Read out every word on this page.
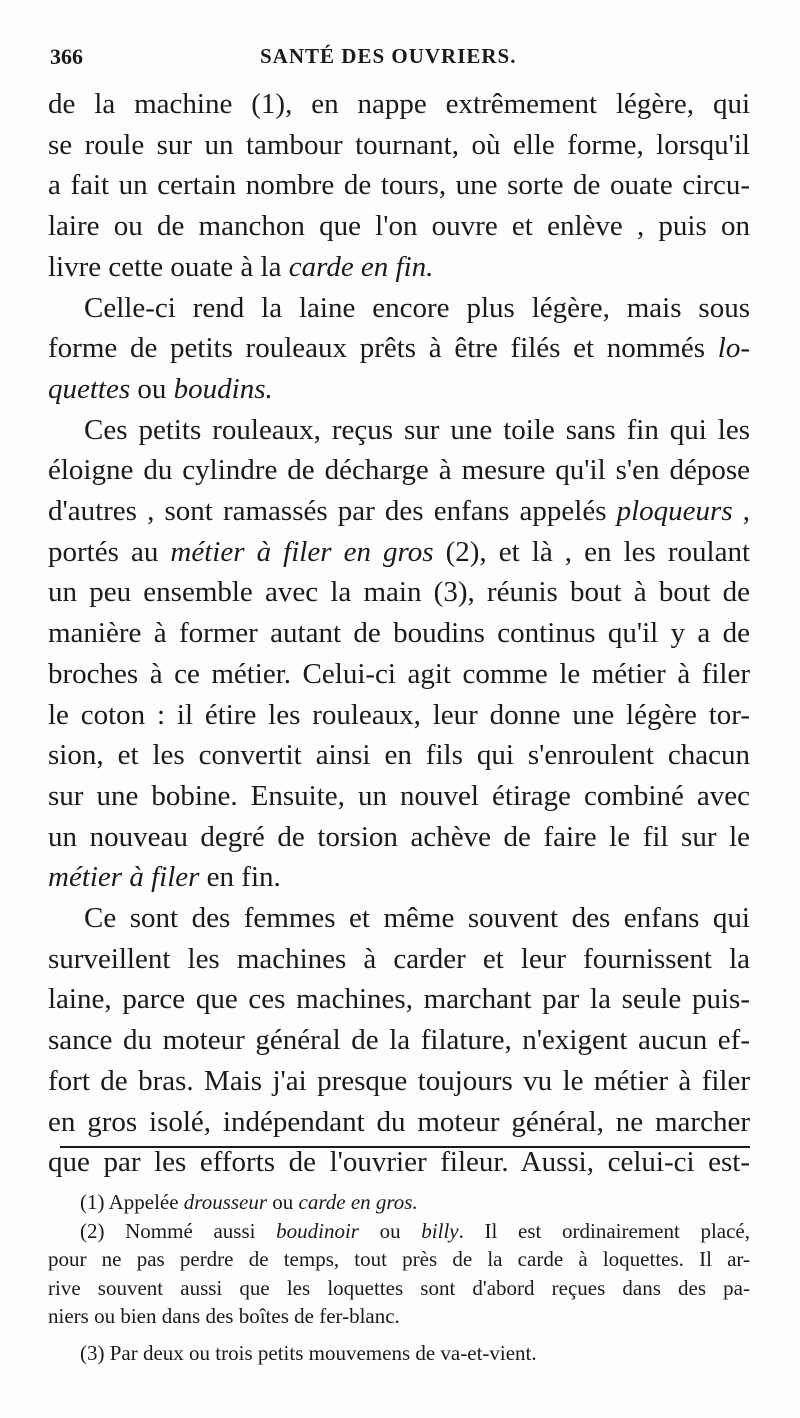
366	SANTÉ DES OUVRIERS.

de la machine (1), en nappe extrêmement légère, qui
se roule sur un tambour tournant, où elle forme, lorsqu'il
a fait un certain nombre de tours, une sorte de ouate circu-
laire ou de manchon que l'on ouvre et enlève , puis on
livre cette ouate à la carde en fin.

Celle-ci rend la laine encore plus légère, mais sous
forme de petits rouleaux prêts à être filés et nommés lo-
quettes ou boudins.

Ces petits rouleaux, reçus sur une toile sans fin qui les
éloigne du cylindre de décharge à mesure qu'il s'en dépose
d'autres , sont ramassés par des enfans appelés ploqueurs ,
portés au métier à filer en gros (2), et là , en les roulant
un peu ensemble avec la main (3), réunis bout à bout de
manière à former autant de boudins continus qu'il y a de
broches à ce métier. Celui-ci agit comme le métier à filer
le coton : il étire les rouleaux, leur donne une légère tor-
sion, et les convertit ainsi en fils qui s'enroulent chacun
sur une bobine. Ensuite, un nouvel étirage combiné avec
un nouveau degré de torsion achève de faire le fil sur le
métier à filer en fin.

Ce sont des femmes et même souvent des enfans qui
surveillent les machines à carder et leur fournissent la
laine, parce que ces machines, marchant par la seule puis-
sance du moteur général de la filature, n'exigent aucun ef-
fort de bras. Mais j'ai presque toujours vu le métier à filer
en gros isolé, indépendant du moteur général, ne marcher
que par les efforts de l'ouvrier fileur. Aussi, celui-ci est-

(1) Appelée drousseur ou carde en gros.
(2) Nommé aussi boudinoir ou billy. Il est ordinairement placé,
pour ne pas perdre de temps, tout près de la carde à loquettes. Il ar-
rive souvent aussi que les loquettes sont d'abord reçues dans des pa-
niers ou bien dans des boîtes de fer-blanc.
(3) Par deux ou trois petits mouvemens de va-et-vient.
